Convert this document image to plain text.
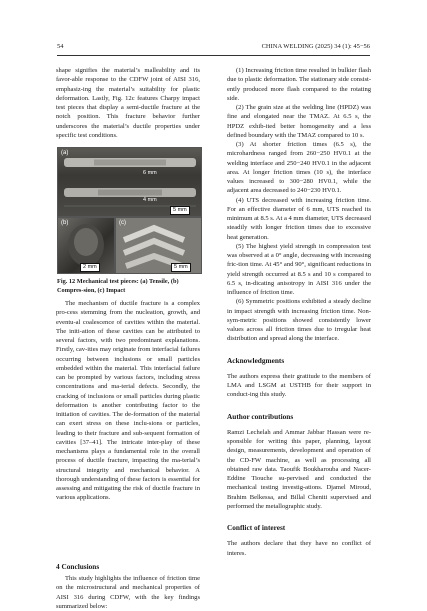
54	CHINA WELDING (2025) 34 (1): 45−56

shape signifies the material’s malleability and its favor-able response to the CDFW joint of AISI 316, emphasiz-ing the material’s suitability for plastic deformation. Lastly, Fig. 12c features Charpy impact test pieces that display a semi-ductile fracture at the notch position. This fracture behavior further underscores the material’s ductile properties under specific test conditions.

(a)
6 mm
4 mm
5 mm
(b)
2 mm
(c)
5 mm

Fig. 12 Mechanical test pieces: (a) Tensile, (b) Compres-sion, (c) Impact

The mechanism of ductile fracture is a complex pro-cess stemming from the nucleation, growth, and eventu-al coalescence of cavities within the material. The initi-ation of these cavities can be attributed to several factors, with two predominant explanations. Firstly, cav-ities may originate from interfacial failures occurring between inclusions or small particles embedded within the material. This interfacial failure can be prompted by various factors, including stress concentrations and ma-terial defects. Secondly, the cracking of inclusions or small particles during plastic deformation is another contributing factor to the initiation of cavities. The de-formation of the material can exert stress on these inclu-sions or particles, leading to their fracture and sub-sequent formation of cavities [37–41]. The intricate inter-play of these mechanisms plays a fundamental role in the overall process of ductile fracture, impacting the ma-terial’s structural integrity and mechanical behavior. A thorough understanding of these factors is essential for assessing and mitigating the risk of ductile fracture in various applications.

4 Conclusions

This study highlights the influence of friction time on the microstructural and mechanical properties of AISI 316 during CDFW, with the key findings summarized below:

(1) Increasing friction time resulted in bulkier flash due to plastic deformation. The stationary side consist-ently produced more flash compared to the rotating side.

(2) The grain size at the welding line (HPDZ) was fine and elongated near the TMAZ. At 6.5 s, the HPDZ exhib-ited better homogeneity and a less defined boundary with the TMAZ compared to 10 s.

(3) At shorter friction times (6.5 s), the microhardness ranged from 260−250 HV0.1 at the welding interface and 250−240 HV0.1 in the adjacent area. At longer friction times (10 s), the interface values increased to 300−280 HV0.1, while the adjacent area decreased to 240−230 HV0.1.

(4) UTS decreased with increasing friction time. For an effective diameter of 6 mm, UTS reached its minimum at 8.5 s. At a 4 mm diameter, UTS decreased steadily with longer friction times due to excessive heat generation.

(5) The highest yield strength in compression test was observed at a 0° angle, decreasing with increasing fric-tion time. At 45° and 90°, significant reductions in yield strength occurred at 8.5 s and 10 s compared to 6.5 s, in-dicating anisotropy in AISI 316 under the influence of friction time.

(6) Symmetric positions exhibited a steady decline in impact strength with increasing friction time. Non-sym-metric positions showed consistently lower values across all friction times due to irregular heat distribution and spread along the interface.

Acknowledgments

The authors express their gratitude to the members of LMA and LSGM at USTHB for their support in conduct-ing this study.

Author contributions

Ramzi Lechelah and Ammar Jabbar Hassan were re-sponsible for writing this paper, planning, layout design, measurements, development and operation of the CD-FW machine, as well as processing all obtained raw data. Taoufik Boukharouba and Nacer-Eddine Tiouche su-pervised and conducted the mechanical testing investig-ations. Djamel Miroud, Brahim Belkessa, and Billal Cheniti supervised and performed the metallographic study.

Conflict of interest

The authors declare that they have no conflict of interes.
